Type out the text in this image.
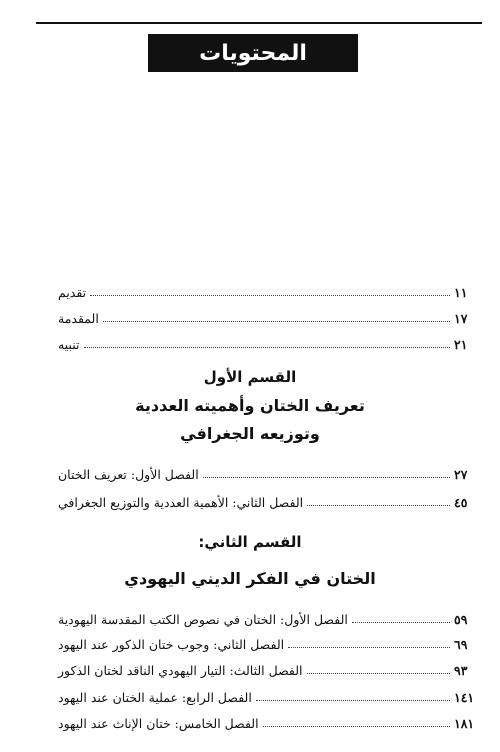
المحتويات
تقديم	١١
المقدمة	١٧
تنبيه	٢١
القسم الأول
تعريف الختان وأهميته العددية
وتوزيعه الجغرافي
الفصل الأول: تعريف الختان	٢٧
الفصل الثاني: الأهمية العددية والتوزيع الجغرافي	٤٥
القسم الثاني:
الختان في الفكر الديني اليهودي
الفصل الأول: الختان في نصوص الكتب المقدسة اليهودية	٥٩
الفصل الثاني: وجوب ختان الذكور عند اليهود	٦٩
الفصل الثالث: التيار اليهودي الناقد لختان الذكور	٩٣
الفصل الرابع: عملية الختان عند اليهود	١٤١
الفصل الخامس: ختان الإناث عند اليهود	١٨١
